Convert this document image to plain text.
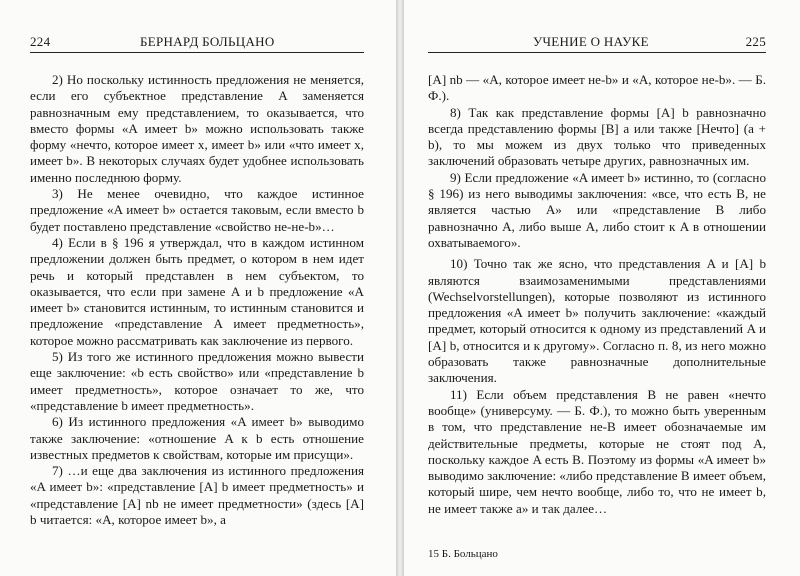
224	БЕРНАРД БОЛЬЦАНО

2) Но поскольку истинность предложения не меняется, если его субъектное представление A заменяется равнозначным ему представлением, то оказывается, что вместо формы «A имеет b» можно использовать также форму «нечто, которое имеет x, имеет b» или «что имеет x, имеет b». В некоторых случаях будет удобнее использовать именно последнюю форму.

3) Не менее очевидно, что каждое истинное предложение «A имеет b» остается таковым, если вместо b будет поставлено представление «свойство не-не-b»…

4) Если в § 196 я утверждал, что в каждом истинном предложении должен быть предмет, о котором в нем идет речь и который представлен в нем субъектом, то оказывается, что если при замене A и b предложение «A имеет b» становится истинным, то истинным становится и предложение «представление A имеет предметность», которое можно рассматривать как заключение из первого.

5) Из того же истинного предложения можно вывести еще заключение: «b есть свойство» или «представление b имеет предметность», которое означает то же, что «представление b имеет предметность».

6) Из истинного предложения «A имеет b» выводимо также заключение: «отношение A к b есть отношение известных предметов к свойствам, которые им присущи».

7) …и еще два заключения из истинного предложения «A имеет b»: «представление [A] b имеет предметность» и «представление [A] nb не имеет предметности» (здесь [A] b читается: «A, которое имеет b», а

УЧЕНИЕ О НАУКЕ	225

[A] nb — «A, которое имеет не-b» и «A, которое не-b». — Б. Ф.).

8) Так как представление формы [A] b равнозначно всегда представлению формы [B] a или также [Нечто] (a + b), то мы можем из двух только что приведенных заключений образовать четыре других, равнозначных им.

9) Если предложение «A имеет b» истинно, то (согласно § 196) из него выводимы заключения: «все, что есть B, не является частью A» или «представление B либо равнозначно A, либо выше A, либо стоит к A в отношении охватываемого».

10) Точно так же ясно, что представления A и [A] b являются взаимозаменимыми представлениями (Wechselvorstellungen), которые позволяют из истинного предложения «A имеет b» получить заключение: «каждый предмет, который относится к одному из представлений A и [A] b, относится и к другому». Согласно п. 8, из него можно образовать также равнозначные дополнительные заключения.

11) Если объем представления B не равен «нечто вообще» (универсуму. — Б. Ф.), то можно быть уверенным в том, что представление не-B имеет обозначаемые им действительные предметы, которые не стоят под A, поскольку каждое A есть B. Поэтому из формы «A имеет b» выводимо заключение: «либо представление B имеет объем, который шире, чем нечто вообще, либо то, что не имеет b, не имеет также a» и так далее…

15 Б. Больцано
